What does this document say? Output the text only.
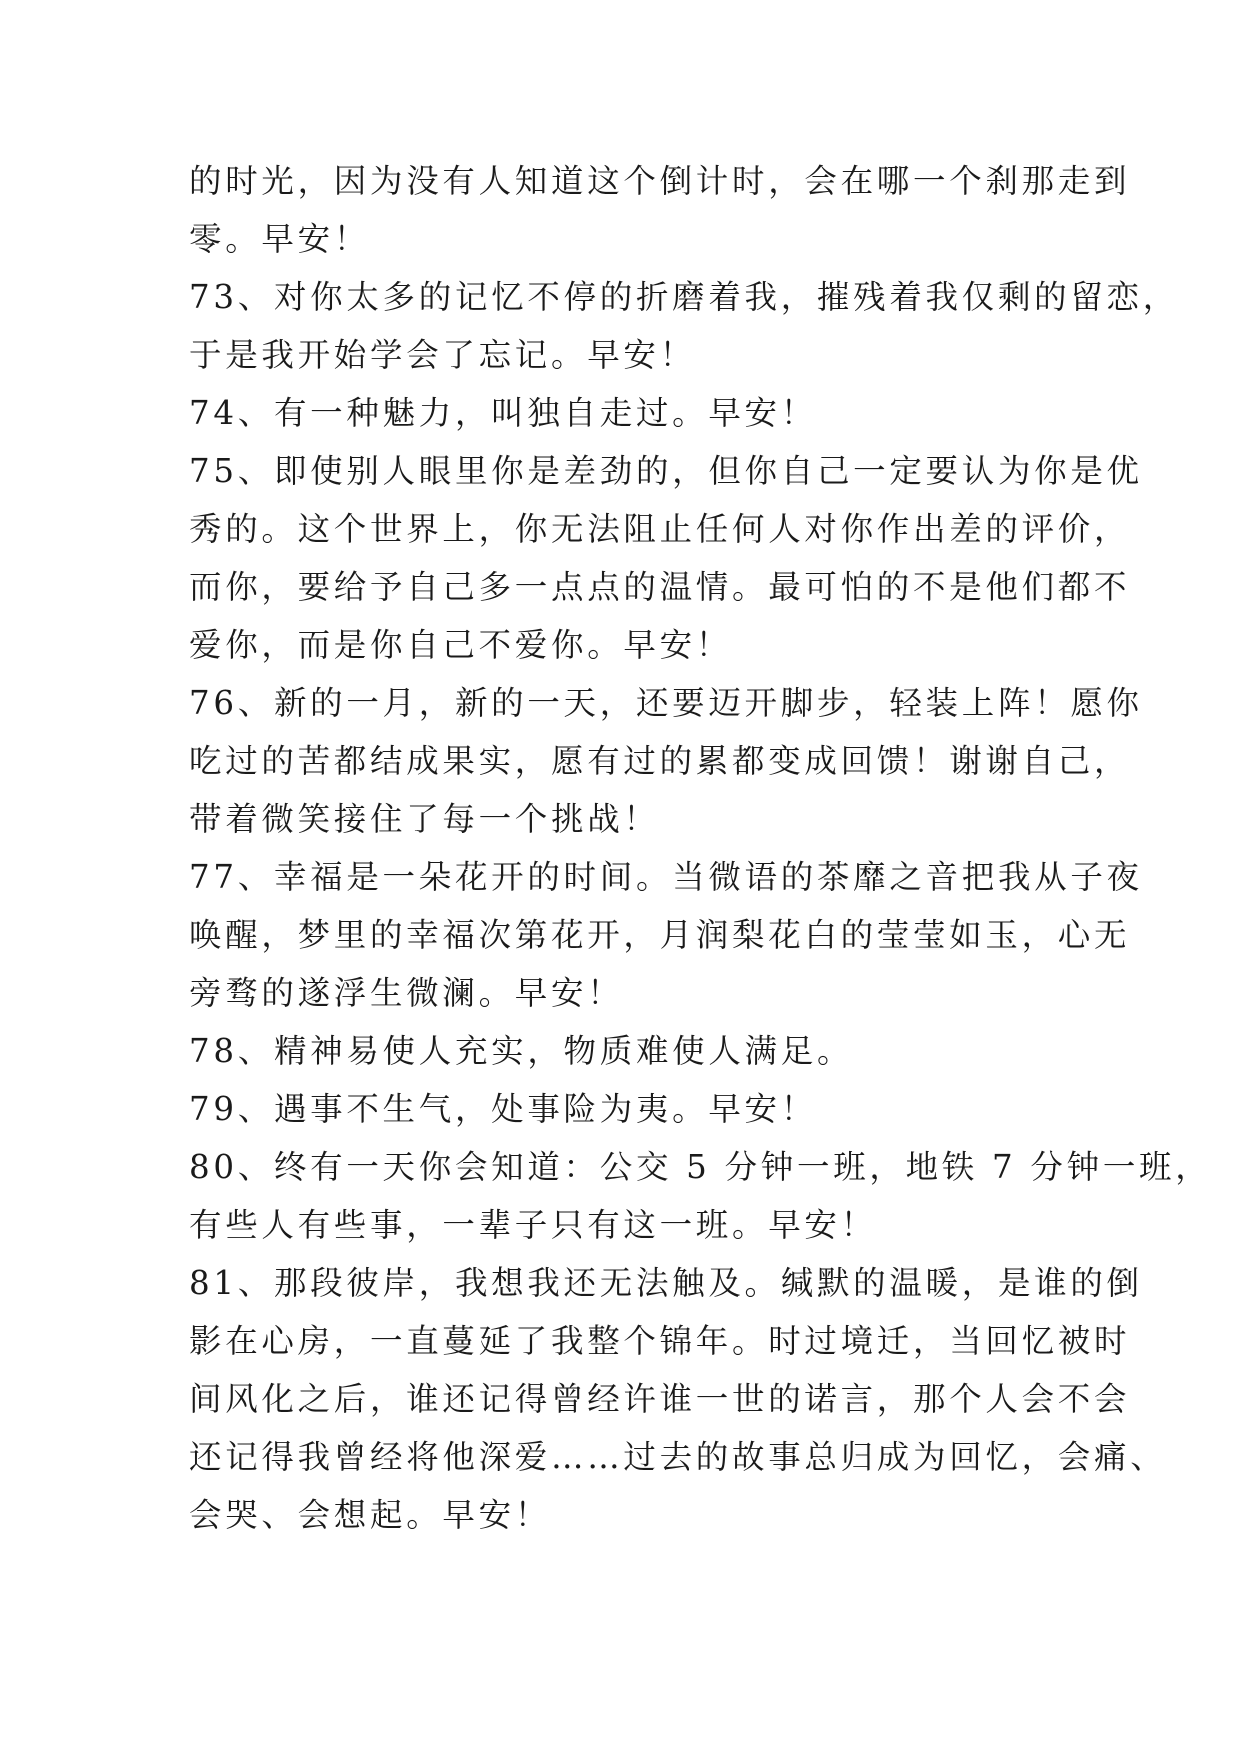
的时光，因为没有人知道这个倒计时，会在哪一个刹那走到
零。早安！
73、对你太多的记忆不停的折磨着我，摧残着我仅剩的留恋，
于是我开始学会了忘记。早安！
74、有一种魅力，叫独自走过。早安！
75、即使别人眼里你是差劲的，但你自己一定要认为你是优
秀的。这个世界上，你无法阻止任何人对你作出差的评价，
而你，要给予自己多一点点的温情。最可怕的不是他们都不
爱你，而是你自己不爱你。早安！
76、新的一月，新的一天，还要迈开脚步，轻装上阵！愿你
吃过的苦都结成果实，愿有过的累都变成回馈！谢谢自己，
带着微笑接住了每一个挑战！
77、幸福是一朵花开的时间。当微语的茶靡之音把我从子夜
唤醒，梦里的幸福次第花开，月润梨花白的莹莹如玉，心无
旁骛的遂浮生微澜。早安！
78、精神易使人充实，物质难使人满足。
79、遇事不生气，处事险为夷。早安！
80、终有一天你会知道：公交 5 分钟一班，地铁 7 分钟一班，
有些人有些事，一辈子只有这一班。早安！
81、那段彼岸，我想我还无法触及。缄默的温暖，是谁的倒
影在心房，一直蔓延了我整个锦年。时过境迁，当回忆被时
间风化之后，谁还记得曾经许谁一世的诺言，那个人会不会
还记得我曾经将他深爱……过去的故事总归成为回忆，会痛、
会哭、会想起。早安！
